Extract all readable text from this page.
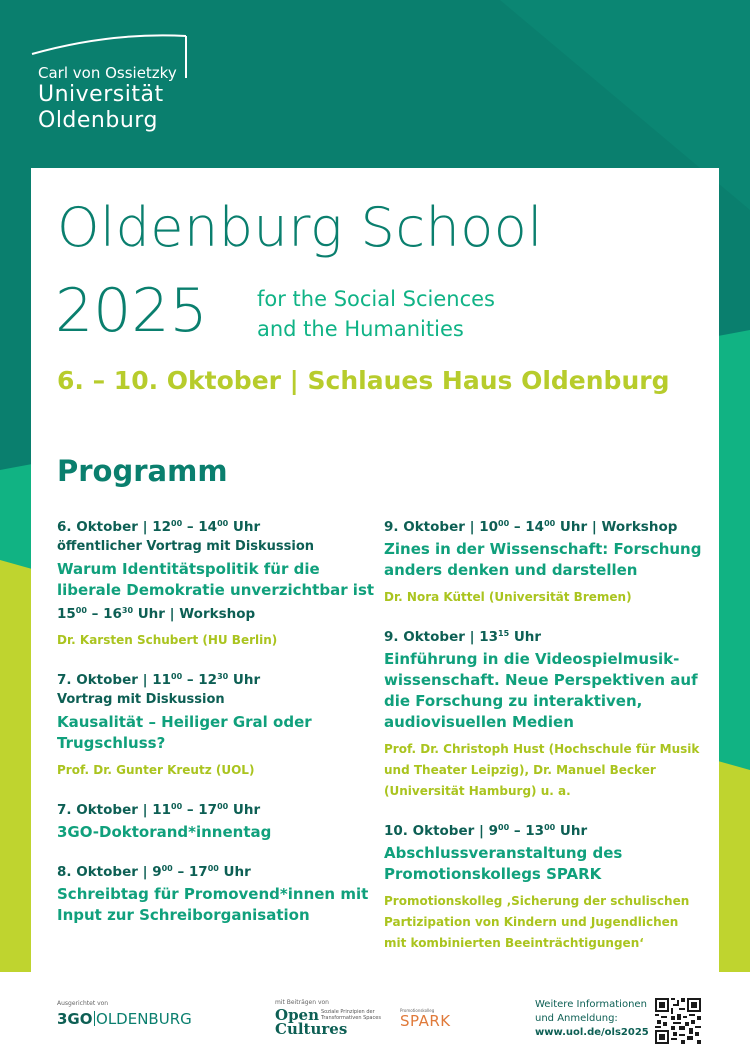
Carl von Ossietzky
Universität
Oldenburg
Oldenburg School
2025 for the Social Sciences
and the Humanities
6. – 10. Oktober | Schlaues Haus Oldenburg
Programm
6. Oktober | $12^{00} - 14^{00}$ Uhr
öffentlicher Vortrag mit Diskussion
Warum Identitätspolitik für die liberale Demokratie unverzichtbar ist
$15^{00} - 16^{30}$ Uhr | Workshop
Dr. Karsten Schubert (HU Berlin)
7. Oktober | $11^{00} - 12^{30}$ Uhr
Vortrag mit Diskussion
Kausalität – Heiliger Gral oder Trugschluss?
Prof. Dr. Gunter Kreutz (UOL)
7. Oktober | $11^{00} - 17^{00}$ Uhr
3GO-Doktorand*innentag
8. Oktober | $9^{00} - 17^{00}$ Uhr
Schreibtag für Promovend*innen mit Input zur Schreiborganisation
9. Oktober | $10^{00} - 14^{00}$ Uhr | Workshop
Zines in der Wissenschaft: Forschung anders denken und darstellen
Dr. Nora Küttel (Universität Bremen)
9. Oktober | $13^{15}$ Uhr
Einführung in die Videospielmusik-wissenschaft. Neue Perspektiven auf die Forschung zu interaktiven, audiovisuellen Medien
Prof. Dr. Christoph Hust (Hochschule für Musik und Theater Leipzig), Dr. Manuel Becker (Universität Hamburg) u. a.
10. Oktober | $9^{00} - 13^{00}$ Uhr
Abschlussveranstaltung des Promotionskollegs SPARK
Promotionskolleg ‚Sicherung der schulischen Partizipation von Kindern und Jugendlichen mit kombinierten Beeinträchtigungen‘
Ausgerichtet von
3GO OLDENBURG
mit Beiträgen von
Open
Cultures
Soziale Prinzipien der Transformativen Spaces
Promotionskolleg
SPARK
Weitere Informationen
und Anmeldung:
www.uol.de/ols2025
